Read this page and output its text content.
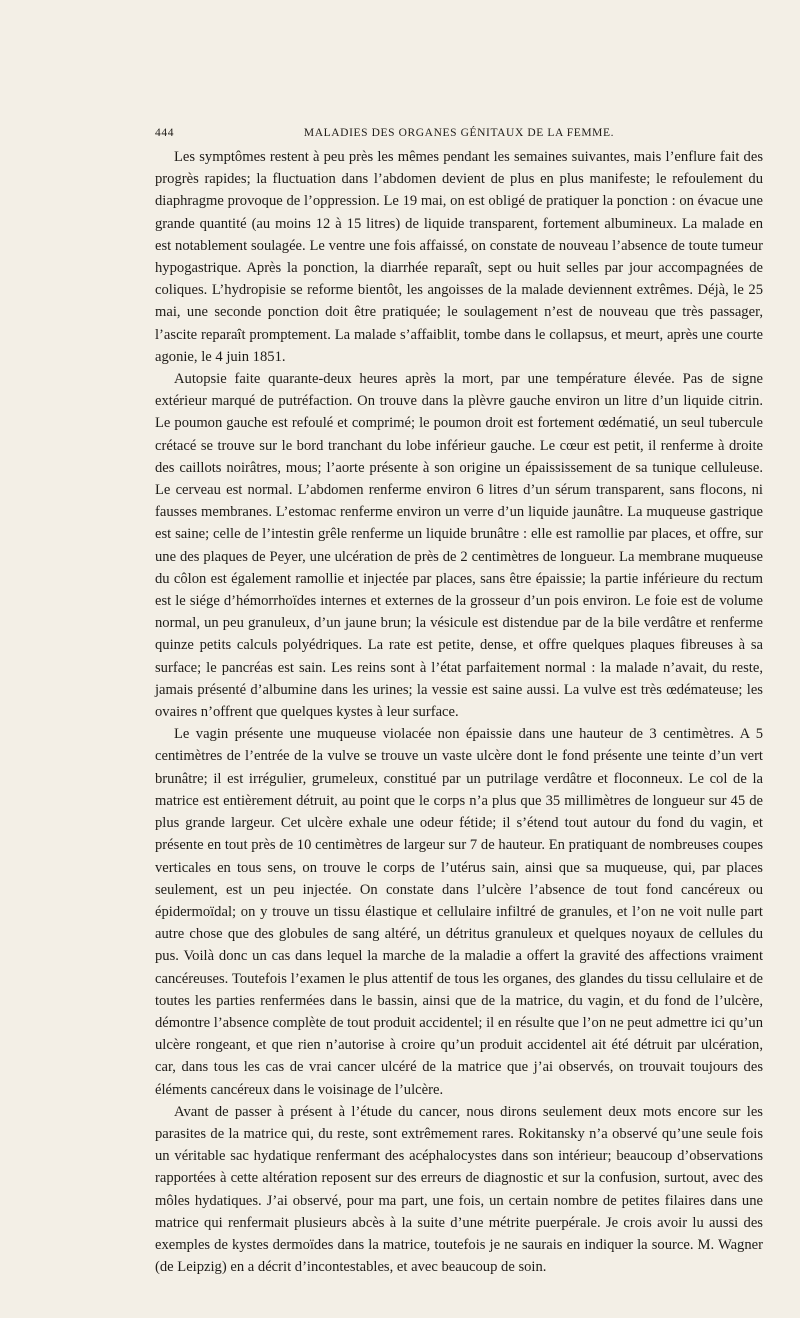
444	MALADIES DES ORGANES GÉNITAUX DE LA FEMME.

Les symptômes restent à peu près les mêmes pendant les semaines suivantes, mais l’enflure fait des progrès rapides; la fluctuation dans l’abdomen devient de plus en plus manifeste; le refoulement du diaphragme provoque de l’oppression. Le 19 mai, on est obligé de pratiquer la ponction : on évacue une grande quantité (au moins 12 à 15 litres) de liquide transparent, fortement albumineux. La malade en est notablement soulagée. Le ventre une fois affaissé, on constate de nouveau l’absence de toute tumeur hypogastrique. Après la ponction, la diarrhée reparaît, sept ou huit selles par jour accompagnées de coliques. L’hydropisie se reforme bientôt, les angoisses de la malade deviennent extrêmes. Déjà, le 25 mai, une seconde ponction doit être pratiquée; le soulagement n’est de nouveau que très passager, l’ascite reparaît promptement. La malade s’affaiblit, tombe dans le collapsus, et meurt, après une courte agonie, le 4 juin 1851.

Autopsie faite quarante-deux heures après la mort, par une température élevée. Pas de signe extérieur marqué de putréfaction. On trouve dans la plèvre gauche environ un litre d’un liquide citrin. Le poumon gauche est refoulé et comprimé; le poumon droit est fortement œdématié, un seul tubercule crétacé se trouve sur le bord tranchant du lobe inférieur gauche. Le cœur est petit, il renferme à droite des caillots noirâtres, mous; l’aorte présente à son origine un épaississement de sa tunique celluleuse. Le cerveau est normal. L’abdomen renferme environ 6 litres d’un sérum transparent, sans flocons, ni fausses membranes. L’estomac renferme environ un verre d’un liquide jaunâtre. La muqueuse gastrique est saine; celle de l’intestin grêle renferme un liquide brunâtre : elle est ramollie par places, et offre, sur une des plaques de Peyer, une ulcération de près de 2 centimètres de longueur. La membrane muqueuse du côlon est également ramollie et injectée par places, sans être épaissie; la partie inférieure du rectum est le siége d’hémorrhoïdes internes et externes de la grosseur d’un pois environ. Le foie est de volume normal, un peu granuleux, d’un jaune brun; la vésicule est distendue par de la bile verdâtre et renferme quinze petits calculs polyédriques. La rate est petite, dense, et offre quelques plaques fibreuses à sa surface; le pancréas est sain. Les reins sont à l’état parfaitement normal : la malade n’avait, du reste, jamais présenté d’albumine dans les urines; la vessie est saine aussi. La vulve est très œdémateuse; les ovaires n’offrent que quelques kystes à leur surface.

Le vagin présente une muqueuse violacée non épaissie dans une hauteur de 3 centimètres. A 5 centimètres de l’entrée de la vulve se trouve un vaste ulcère dont le fond présente une teinte d’un vert brunâtre; il est irrégulier, grumeleux, constitué par un putrilage verdâtre et floconneux. Le col de la matrice est entièrement détruit, au point que le corps n’a plus que 35 millimètres de longueur sur 45 de plus grande largeur. Cet ulcère exhale une odeur fétide; il s’étend tout autour du fond du vagin, et présente en tout près de 10 centimètres de largeur sur 7 de hauteur. En pratiquant de nombreuses coupes verticales en tous sens, on trouve le corps de l’utérus sain, ainsi que sa muqueuse, qui, par places seulement, est un peu injectée. On constate dans l’ulcère l’absence de tout fond cancéreux ou épidermoïdal; on y trouve un tissu élastique et cellulaire infiltré de granules, et l’on ne voit nulle part autre chose que des globules de sang altéré, un détritus granuleux et quelques noyaux de cellules du pus. Voilà donc un cas dans lequel la marche de la maladie a offert la gravité des affections vraiment cancéreuses. Toutefois l’examen le plus attentif de tous les organes, des glandes du tissu cellulaire et de toutes les parties renfermées dans le bassin, ainsi que de la matrice, du vagin, et du fond de l’ulcère, démontre l’absence complète de tout produit accidentel; il en résulte que l’on ne peut admettre ici qu’un ulcère rongeant, et que rien n’autorise à croire qu’un produit accidentel ait été détruit par ulcération, car, dans tous les cas de vrai cancer ulcéré de la matrice que j’ai observés, on trouvait toujours des éléments cancéreux dans le voisinage de l’ulcère.

Avant de passer à présent à l’étude du cancer, nous dirons seulement deux mots encore sur les parasites de la matrice qui, du reste, sont extrêmement rares. Rokitansky n’a observé qu’une seule fois un véritable sac hydatique renfermant des acéphalocystes dans son intérieur; beaucoup d’observations rapportées à cette altération reposent sur des erreurs de diagnostic et sur la confusion, surtout, avec des môles hydatiques. J’ai observé, pour ma part, une fois, un certain nombre de petites filaires dans une matrice qui renfermait plusieurs abcès à la suite d’une métrite puerpérale. Je crois avoir lu aussi des exemples de kystes dermoïdes dans la matrice, toutefois je ne saurais en indiquer la source. M. Wagner (de Leipzig) en a décrit d’incontestables, et avec beaucoup de soin.
